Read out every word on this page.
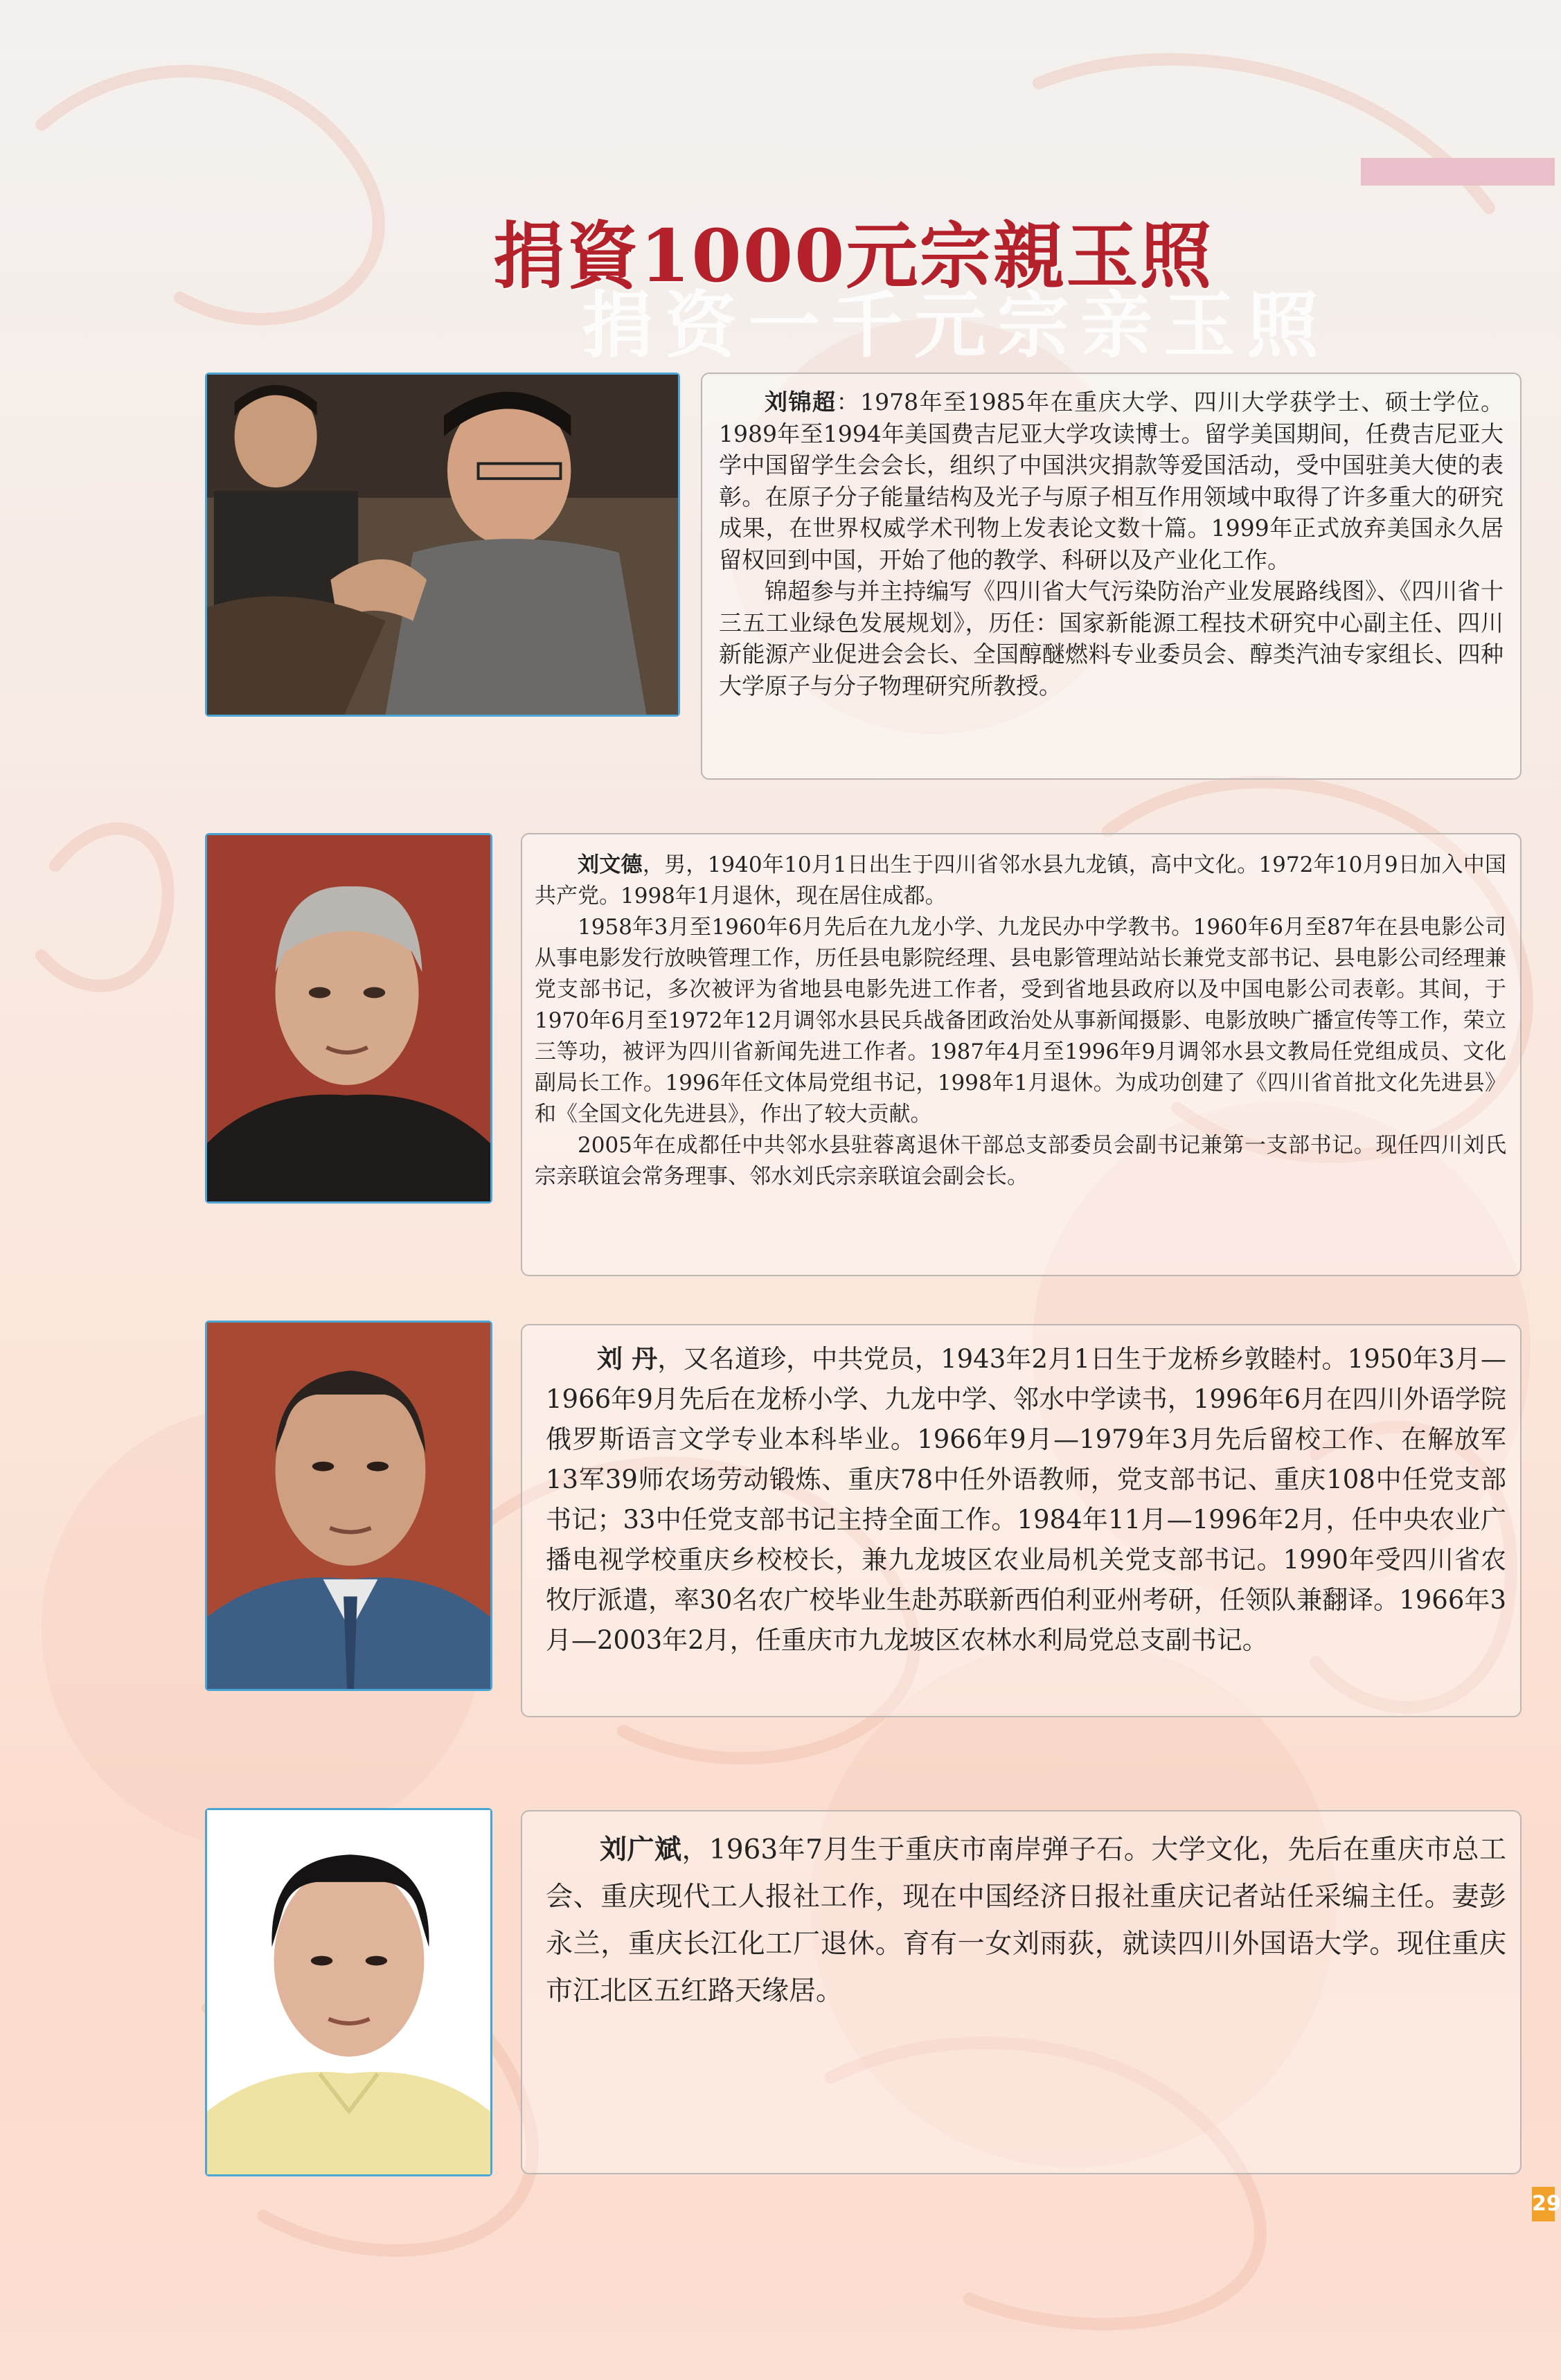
捐资一千元宗亲玉照
捐資1000元宗親玉照

刘锦超：1978年至1985年在重庆大学、四川大学获学士、硕士学位。1989年至1994年美国费吉尼亚大学攻读博士。留学美国期间，任费吉尼亚大学中国留学生会会长，组织了中国洪灾捐款等爱国活动，受中国驻美大使的表彰。在原子分子能量结构及光子与原子相互作用领域中取得了许多重大的研究成果，在世界权威学术刊物上发表论文数十篇。1999年正式放弃美国永久居留权回到中国，开始了他的教学、科研以及产业化工作。

锦超参与并主持编写《四川省大气污染防治产业发展路线图》、《四川省十三五工业绿色发展规划》，历任：国家新能源工程技术研究中心副主任、四川新能源产业促进会会长、全国醇醚燃料专业委员会、醇类汽油专家组长、四种大学原子与分子物理研究所教授。

刘文德，男，1940年10月1日出生于四川省邻水县九龙镇，高中文化。1972年10月9日加入中国共产党。1998年1月退休，现在居住成都。

1958年3月至1960年6月先后在九龙小学、九龙民办中学教书。1960年6月至87年在县电影公司从事电影发行放映管理工作，历任县电影院经理、县电影管理站站长兼党支部书记、县电影公司经理兼党支部书记，多次被评为省地县电影先进工作者，受到省地县政府以及中国电影公司表彰。其间，于1970年6月至1972年12月调邻水县民兵战备团政治处从事新闻摄影、电影放映广播宣传等工作，荣立三等功，被评为四川省新闻先进工作者。1987年4月至1996年9月调邻水县文教局任党组成员、文化副局长工作。1996年任文体局党组书记，1998年1月退休。为成功创建了《四川省首批文化先进县》和《全国文化先进县》，作出了较大贡献。

2005年在成都任中共邻水县驻蓉离退休干部总支部委员会副书记兼第一支部书记。现任四川刘氏宗亲联谊会常务理事、邻水刘氏宗亲联谊会副会长。

刘 丹，又名道珍，中共党员，1943年2月1日生于龙桥乡敦睦村。1950年3月—1966年9月先后在龙桥小学、九龙中学、邻水中学读书，1996年6月在四川外语学院俄罗斯语言文学专业本科毕业。1966年9月—1979年3月先后留校工作、在解放军13军39师农场劳动锻炼、重庆78中任外语教师，党支部书记、重庆108中任党支部书记；33中任党支部书记主持全面工作。1984年11月—1996年2月，任中央农业广播电视学校重庆乡校校长，兼九龙坡区农业局机关党支部书记。1990年受四川省农牧厅派遣，率30名农广校毕业生赴苏联新西伯利亚州考研，任领队兼翻译。1966年3月—2003年2月，任重庆市九龙坡区农林水利局党总支副书记。

刘广斌，1963年7月生于重庆市南岸弹子石。大学文化，先后在重庆市总工会、重庆现代工人报社工作，现在中国经济日报社重庆记者站任采编主任。妻彭永兰，重庆长江化工厂退休。育有一女刘雨荻，就读四川外国语大学。现住重庆市江北区五红路天缘居。

29
